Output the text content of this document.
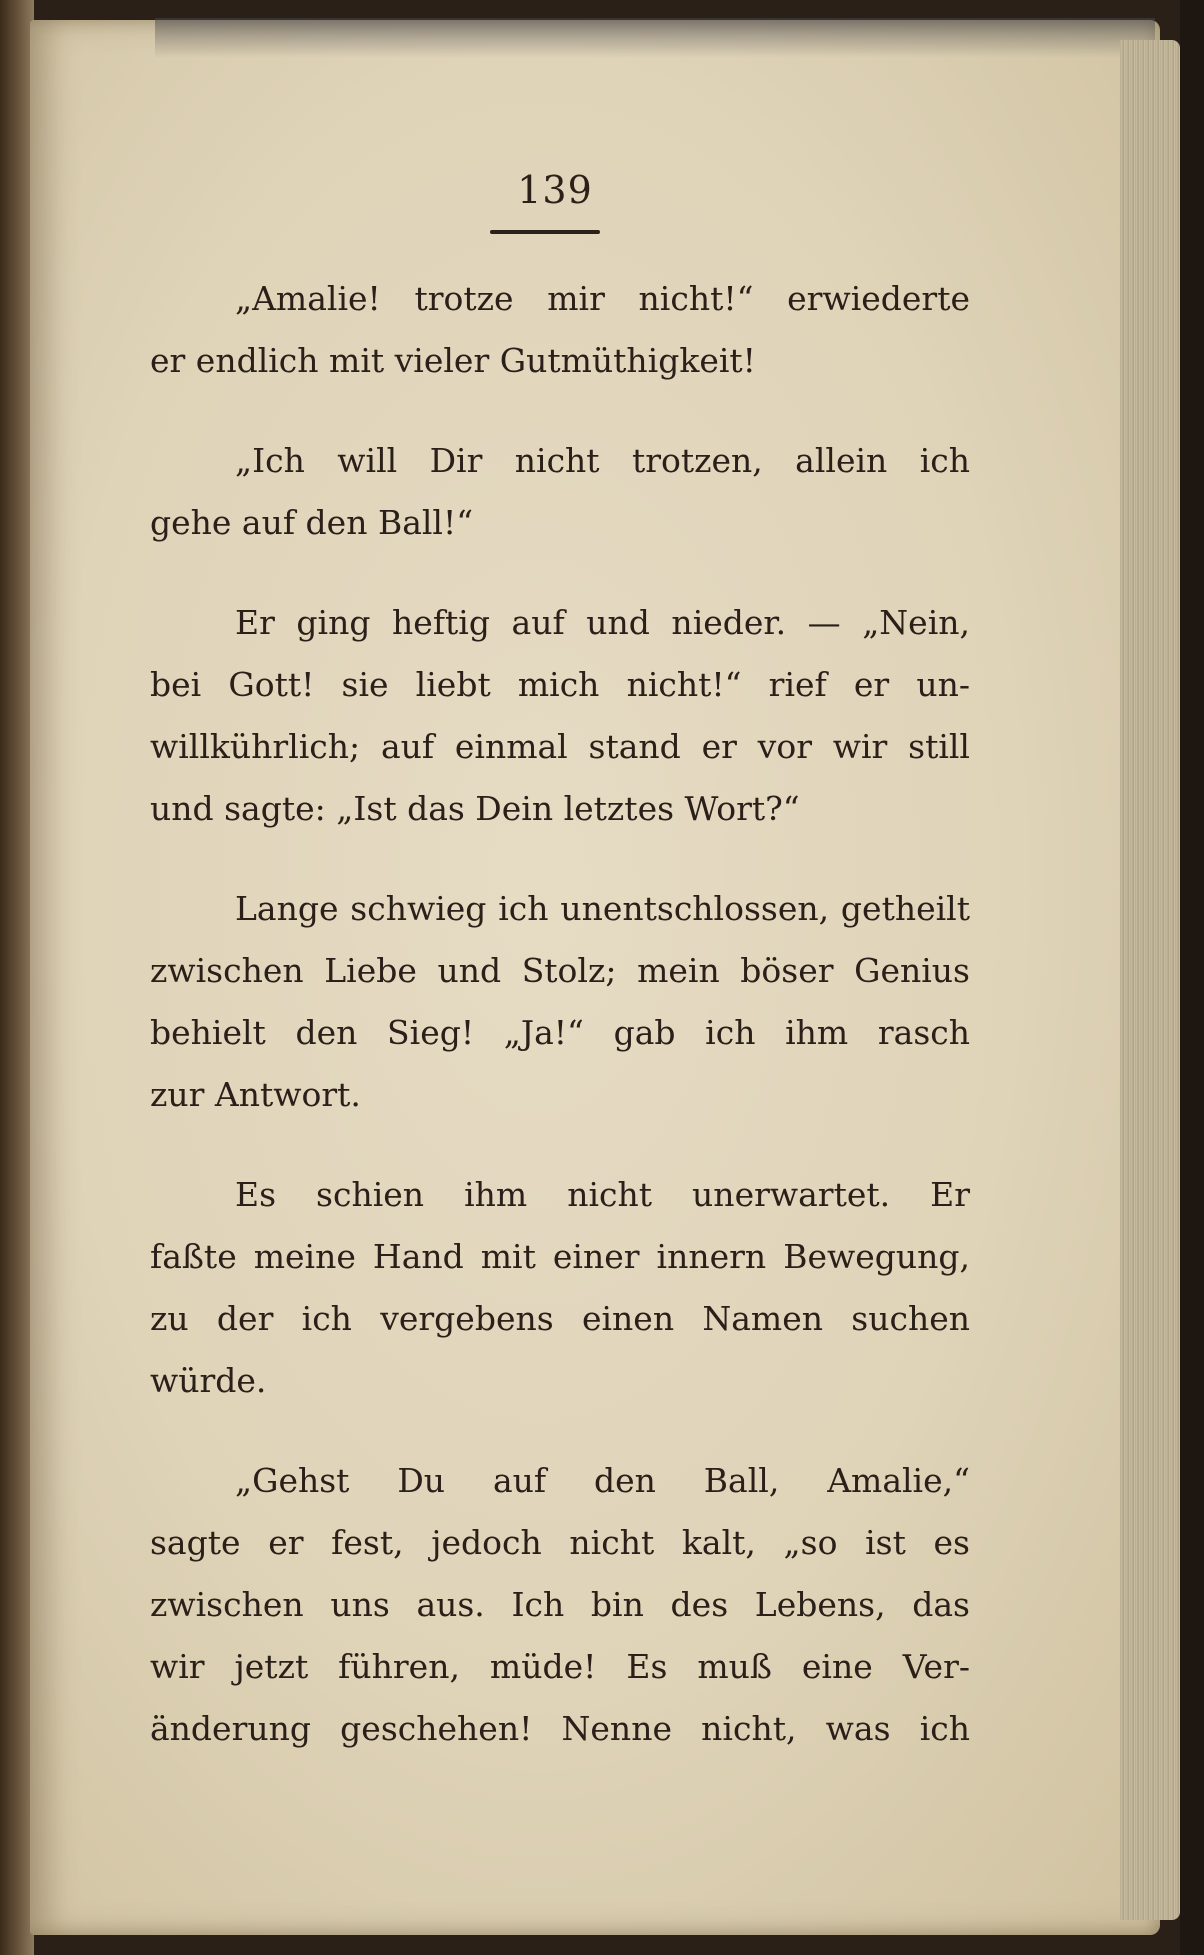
139
„Amalie! trotze mir nicht!“ erwiederte
er endlich mit vieler Gutmüthigkeit!
„Ich will Dir nicht trotzen, allein ich
gehe auf den Ball!“
Er ging heftig auf und nieder. — „Nein,
bei Gott! sie liebt mich nicht!“ rief er un-
willkührlich; auf einmal stand er vor wir still
und sagte: „Ist das Dein letztes Wort?“
Lange schwieg ich unentschlossen, getheilt
zwischen Liebe und Stolz; mein böser Genius
behielt den Sieg! „Ja!“ gab ich ihm rasch
zur Antwort.
Es schien ihm nicht unerwartet. Er
faßte meine Hand mit einer innern Bewegung,
zu der ich vergebens einen Namen suchen
würde.
„Gehst Du auf den Ball, Amalie,“
sagte er fest, jedoch nicht kalt, „so ist es
zwischen uns aus. Ich bin des Lebens, das
wir jetzt führen, müde! Es muß eine Ver-
änderung geschehen! Nenne nicht, was ich
